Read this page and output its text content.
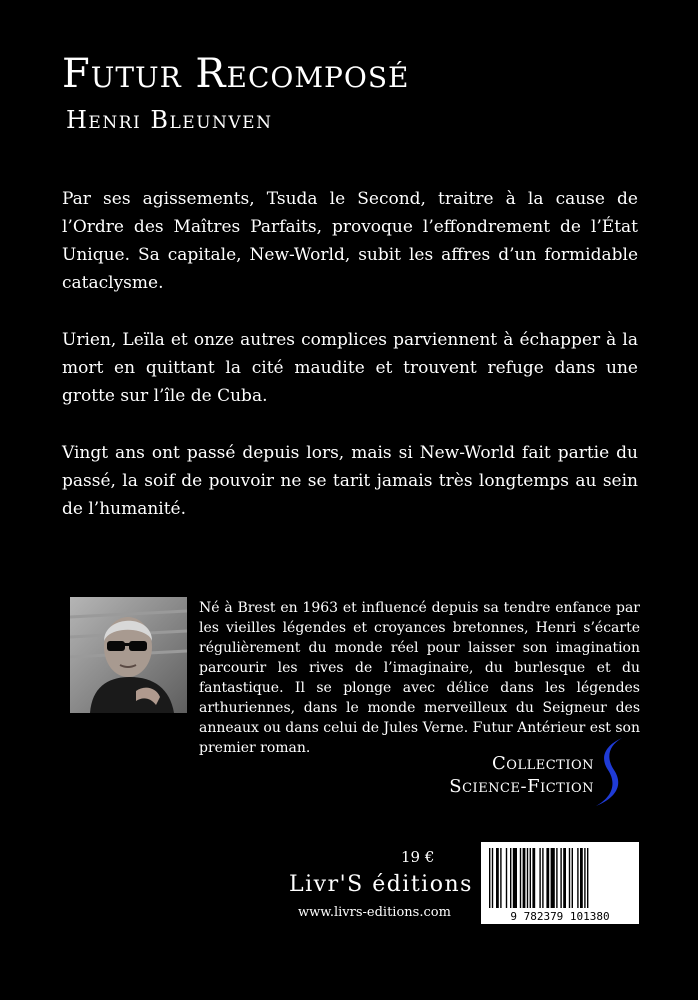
Futur Recomposé
Henri Bleunven

Par ses agissements, Tsuda le Second, traitre à la cause de l’Ordre des Maîtres Parfaits, provoque l’effondrement de l’État Unique. Sa capitale, New-World, subit les affres d’un formidable cataclysme.

Urien, Leïla et onze autres complices parviennent à échapper à la mort en quittant la cité maudite et trouvent refuge dans une grotte sur l’île de Cuba.

Vingt ans ont passé depuis lors, mais si New-World fait partie du passé, la soif de pouvoir ne se tarit jamais très longtemps au sein de l’humanité.

Né à Brest en 1963 et influencé depuis sa tendre enfance par les vieilles légendes et croyances bretonnes, Henri s’écarte régulièrement du monde réel pour laisser son imagination parcourir les rives de l’imaginaire, du burlesque et du fantastique. Il se plonge avec délice dans les légendes arthuriennes, dans le monde merveilleux du Seigneur des anneaux ou dans celui de Jules Verne. Futur Antérieur est son premier roman.

Collection
Science-Fiction
19 €
Livr'S éditions
www.livrs-editions.com	9 782379 101380
